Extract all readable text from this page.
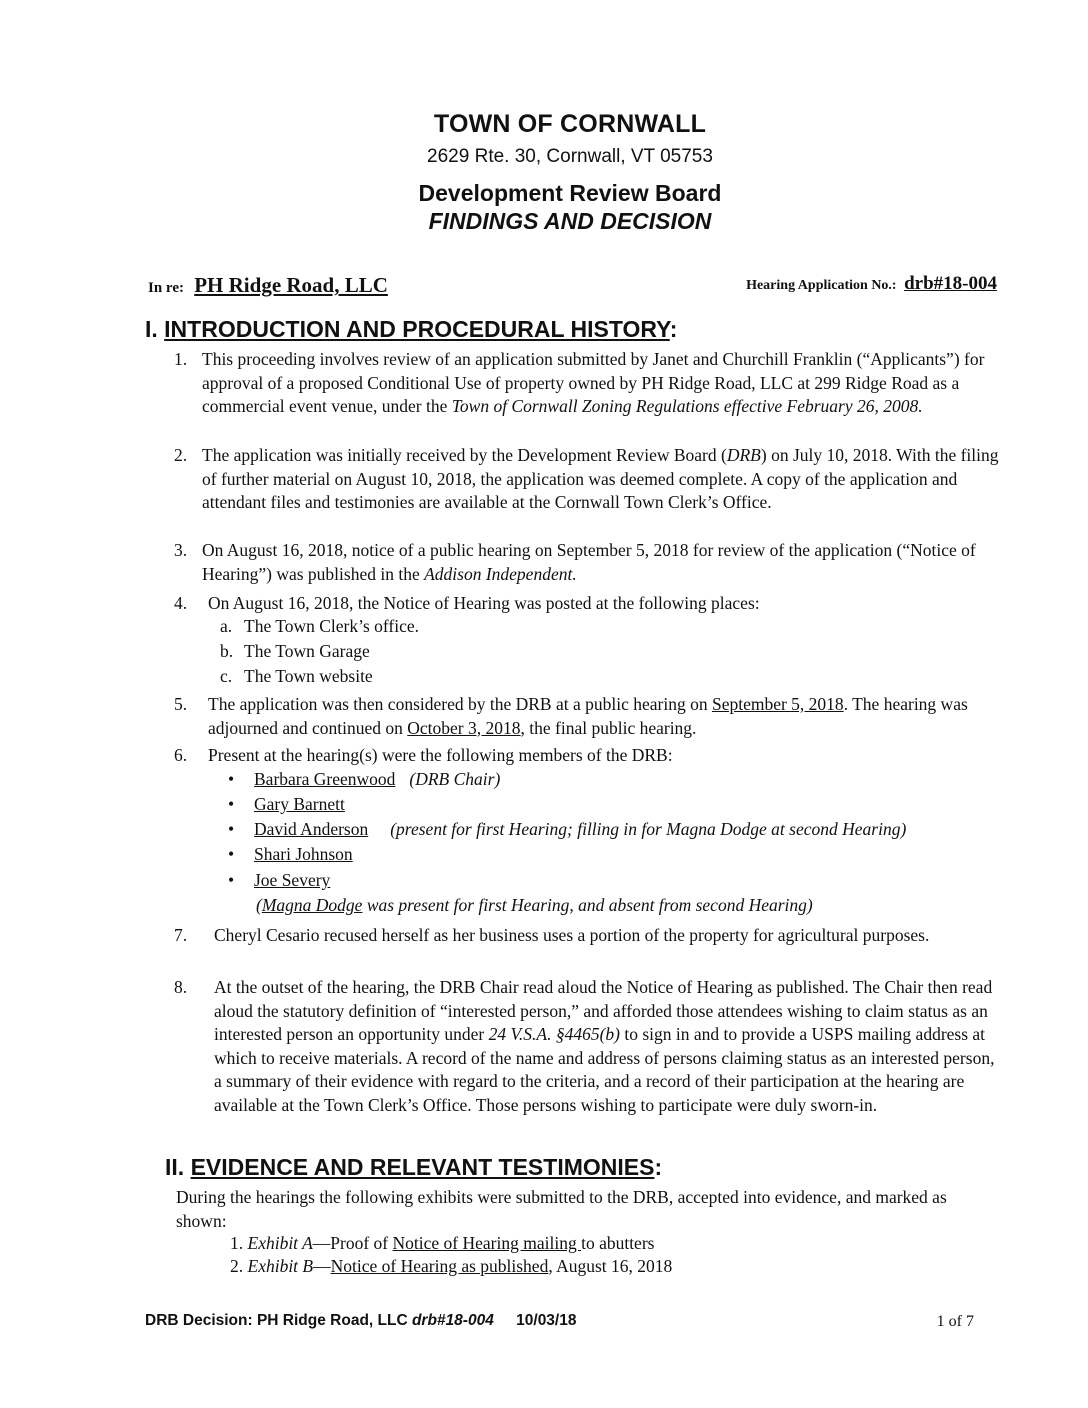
TOWN OF CORNWALL
2629 Rte. 30, Cornwall, VT 05753
Development Review Board
FINDINGS AND DECISION
In re: PH Ridge Road, LLC	Hearing Application No.: drb#18-004
I. INTRODUCTION AND PROCEDURAL HISTORY:
1. This proceeding involves review of an application submitted by Janet and Churchill Franklin (“Applicants”) for approval of a proposed Conditional Use of property owned by PH Ridge Road, LLC at 299 Ridge Road as a commercial event venue, under the Town of Cornwall Zoning Regulations effective February 26, 2008.
2. The application was initially received by the Development Review Board (DRB) on July 10, 2018. With the filing of further material on August 10, 2018, the application was deemed complete. A copy of the application and attendant files and testimonies are available at the Cornwall Town Clerk’s Office.
3. On August 16, 2018, notice of a public hearing on September 5, 2018 for review of the application (“Notice of Hearing”) was published in the Addison Independent.
4. On August 16, 2018, the Notice of Hearing was posted at the following places:
a. The Town Clerk’s office.
b. The Town Garage
c. The Town website
5. The application was then considered by the DRB at a public hearing on September 5, 2018. The hearing was adjourned and continued on October 3, 2018, the final public hearing.
6. Present at the hearing(s) were the following members of the DRB:
• Barbara Greenwood (DRB Chair)
• Gary Barnett
• David Anderson (present for first Hearing; filling in for Magna Dodge at second Hearing)
• Shari Johnson
• Joe Severy
(Magna Dodge was present for first Hearing, and absent from second Hearing)
7. Cheryl Cesario recused herself as her business uses a portion of the property for agricultural purposes.
8. At the outset of the hearing, the DRB Chair read aloud the Notice of Hearing as published. The Chair then read aloud the statutory definition of “interested person,” and afforded those attendees wishing to claim status as an interested person an opportunity under 24 V.S.A. §4465(b) to sign in and to provide a USPS mailing address at which to receive materials. A record of the name and address of persons claiming status as an interested person, a summary of their evidence with regard to the criteria, and a record of their participation at the hearing are available at the Town Clerk’s Office. Those persons wishing to participate were duly sworn-in.
II. EVIDENCE AND RELEVANT TESTIMONIES:
During the hearings the following exhibits were submitted to the DRB, accepted into evidence, and marked as shown:
1. Exhibit A—Proof of Notice of Hearing mailing to abutters
2. Exhibit B—Notice of Hearing as published, August 16, 2018
DRB Decision: PH Ridge Road, LLC drb#18-004 10/03/18	1 of 7
